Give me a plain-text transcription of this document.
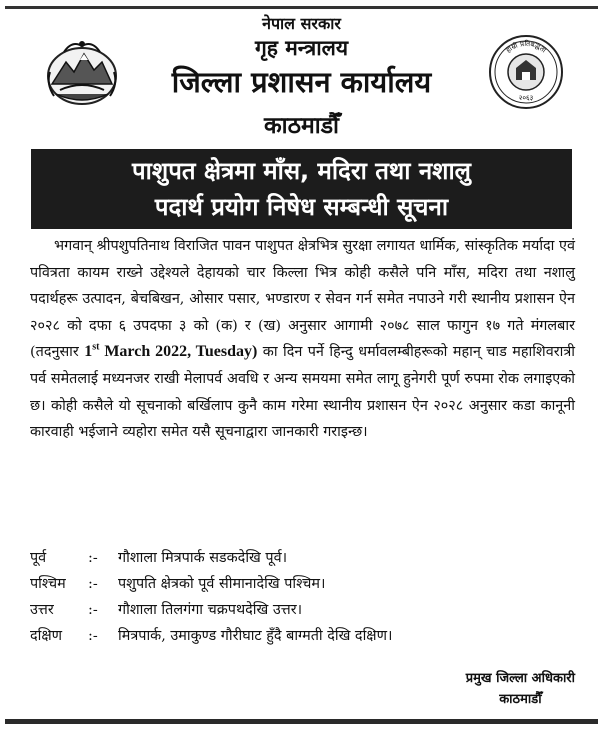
नेपाल सरकार
गृह मन्त्रालय
जिल्ला प्रशासन कार्यालय
काठमाडौँ
हाम्रो प्रतिबद्धता
२०६३
पाशुपत क्षेत्रमा माँस, मदिरा तथा नशालु
पदार्थ प्रयोग निषेध सम्बन्धी सूचना

भगवान् श्रीपशुपतिनाथ विराजित पावन पाशुपत क्षेत्रभित्र सुरक्षा लगायत धार्मिक, सांस्कृतिक मर्यादा एवं पवित्रता कायम राख्ने उद्देश्यले देहायको चार किल्ला भित्र कोही कसैले पनि माँस, मदिरा तथा नशालु पदार्थहरू उत्पादन, बेचबिखन, ओसार पसार, भण्डारण र सेवन गर्न समेत नपाउने गरी स्थानीय प्रशासन ऐन २०२८ को दफा ६ उपदफा ३ को (क) र (ख) अनुसार आगामी २०७८ साल फागुन १७ गते मंगलबार (तदनुसार 1st March 2022, Tuesday) का दिन पर्ने हिन्दु धर्मावलम्बीहरूको महान् चाड महाशिवरात्री पर्व समेतलाई मध्यनजर राखी मेलापर्व अवधि र अन्य समयमा समेत लागू हुनेगरी पूर्ण रुपमा रोक लगाइएको छ। कोही कसैले यो सूचनाको बर्खिलाप कुनै काम गरेमा स्थानीय प्रशासन ऐन २०२८ अनुसार कडा कानूनी कारवाही भईजाने व्यहोरा समेत यसै सूचनाद्वारा जानकारी गराइन्छ।

पूर्व	:-	गौशाला मित्रपार्क सडकदेखि पूर्व।
पश्चिम	:-	पशुपति क्षेत्रको पूर्व सीमानादेखि पश्चिम।
उत्तर	:-	गौशाला तिलगंगा चक्रपथदेखि उत्तर।
दक्षिण	:-	मित्रपार्क, उमाकुण्ड गौरीघाट हुँदै बाग्मती देखि दक्षिण।
प्रमुख जिल्ला अधिकारी
काठमाडौँ
